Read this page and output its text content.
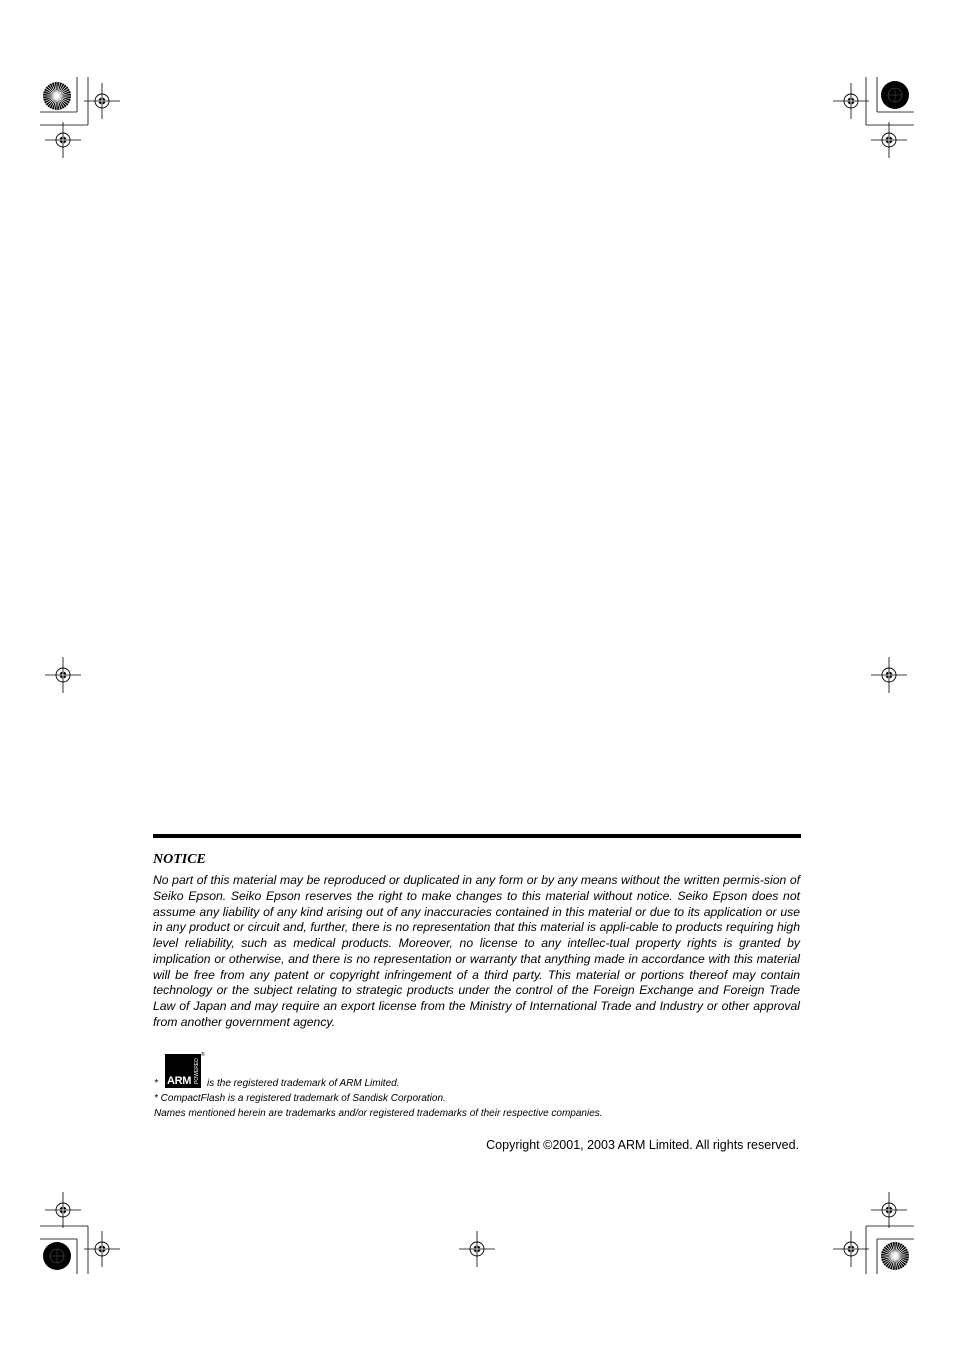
NOTICE

No part of this material may be reproduced or duplicated in any form or by any means without the written permis-sion of Seiko Epson. Seiko Epson reserves the right to make changes to this material without notice. Seiko Epson does not assume any liability of any kind arising out of any inaccuracies contained in this material or due to its application or use in any product or circuit and, further, there is no representation that this material is appli-cable to products requiring high level reliability, such as medical products. Moreover, no license to any intellec-tual property rights is granted by implication or otherwise, and there is no representation or warranty that anything made in accordance with this material will be free from any patent or copyright infringement of a third party. This material or portions thereof may contain technology or the subject relating to strategic products under the control of the Foreign Exchange and Foreign Trade Law of Japan and may require an export license from the Ministry of International Trade and Industry or other approval from another government agency.

ARM POWERED
®

*	is the registered trademark of ARM Limited.

* CompactFlash is a registered trademark of Sandisk Corporation.

Names mentioned herein are trademarks and/or registered trademarks of their respective companies.

Copyright ©2001, 2003 ARM Limited. All rights reserved.
